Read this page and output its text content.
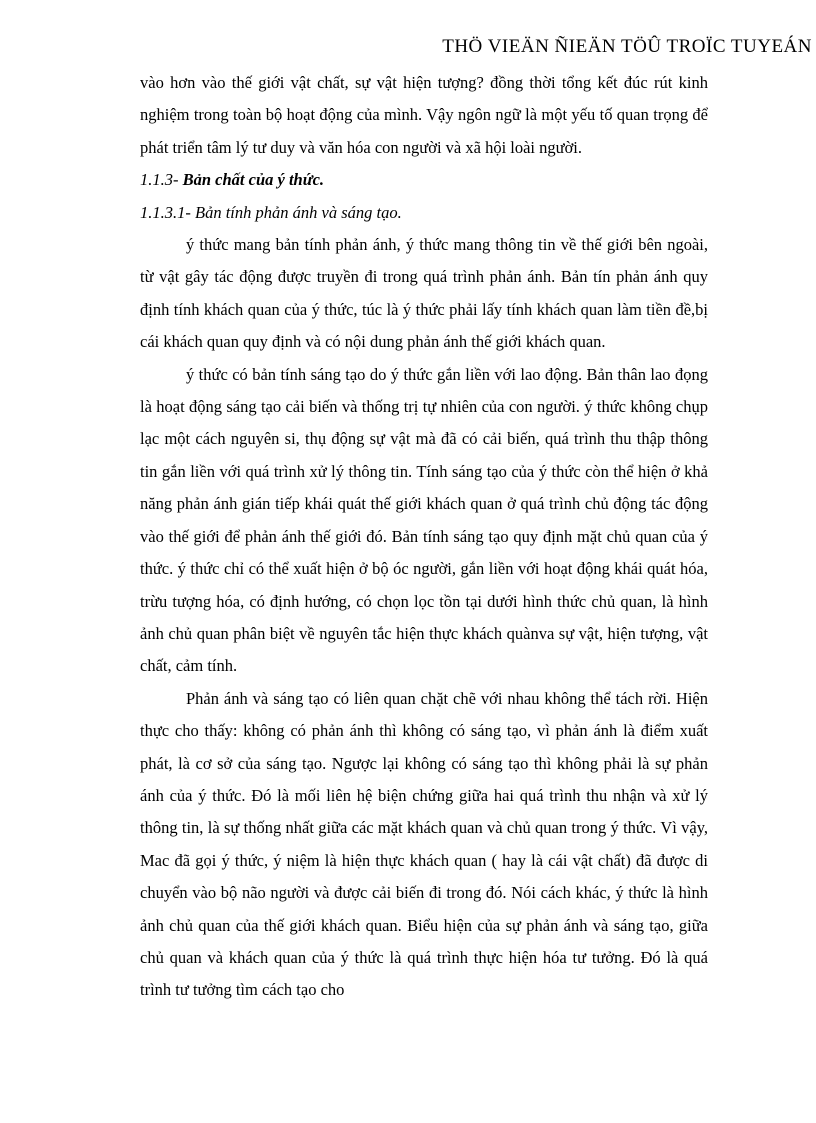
THÖ VIEÄN ÑIEÄN TÖÛ TROÏC TUYEÁN

vào hơn vào thế giới vật chất, sự vật hiện tượng? đồng thời tổng kết đúc rút kinh nghiệm trong toàn bộ hoạt động của mình. Vậy ngôn ngữ là một yếu tố quan trọng để phát triển tâm lý tư duy và văn hóa con người và xã hội loài người.

1.1.3- Bản chất của ý thức.

1.1.3.1- Bản tính phản ánh và sáng tạo.

ý thức mang bản tính phản ánh, ý thức mang thông tin về thế giới bên ngoài, từ vật gây tác động được truyền đi trong quá trình phản ánh. Bản tín phản ánh quy định tính khách quan của ý thức, túc là ý thức phải lấy tính khách quan làm tiền đề,bị cái khách quan quy định và có nội dung phản ánh thế giới khách quan.

ý thức có bản tính sáng tạo do ý thức gắn liền với lao động. Bản thân lao đọng là hoạt động sáng tạo cải biến và thống trị tự nhiên của con người. ý thức không chụp lạc một cách nguyên si, thụ động sự vật mà đã có cải biến, quá trình thu thập thông tin gắn liền với quá trình xử lý thông tin. Tính sáng tạo của ý thức còn thể hiện ở khả năng phản ánh gián tiếp khái quát thế giới khách quan ở quá trình chủ động tác động vào thế giới để phản ánh thế giới đó. Bản tính sáng tạo quy định mặt chủ quan của ý thức. ý thức chỉ có thể xuất hiện ở bộ óc người, gắn liền với hoạt động khái quát hóa, trừu tượng hóa, có định hướng, có chọn lọc tồn tại dưới hình thức chủ quan, là hình ảnh chủ quan phân biệt về nguyên tắc hiện thực khách quànva sự vật, hiện tượng, vật chất, cảm tính.

Phản ánh và sáng tạo có liên quan chặt chẽ với nhau không thể tách rời. Hiện thực cho thấy: không có phản ánh thì không có sáng tạo, vì phản ánh là điểm xuất phát, là cơ sở của sáng tạo. Ngược lại không có sáng tạo thì không phải là sự phản ánh của ý thức. Đó là mối liên hệ biện chứng giữa hai quá trình thu nhận và xử lý thông tin, là sự thống nhất giữa các mặt khách quan và chủ quan trong ý thức. Vì vậy, Mac đã gọi ý thức, ý niệm là hiện thực khách quan ( hay là cái vật chất) đã được di chuyển vào bộ não người và được cải biến đi trong đó. Nói cách khác, ý thức là hình ảnh chủ quan của thế giới khách quan. Biểu hiện của sự phản ánh và sáng tạo, giữa chủ quan và khách quan của ý thức là quá trình thực hiện hóa tư tưởng. Đó là quá trình tư tưởng tìm cách tạo cho
